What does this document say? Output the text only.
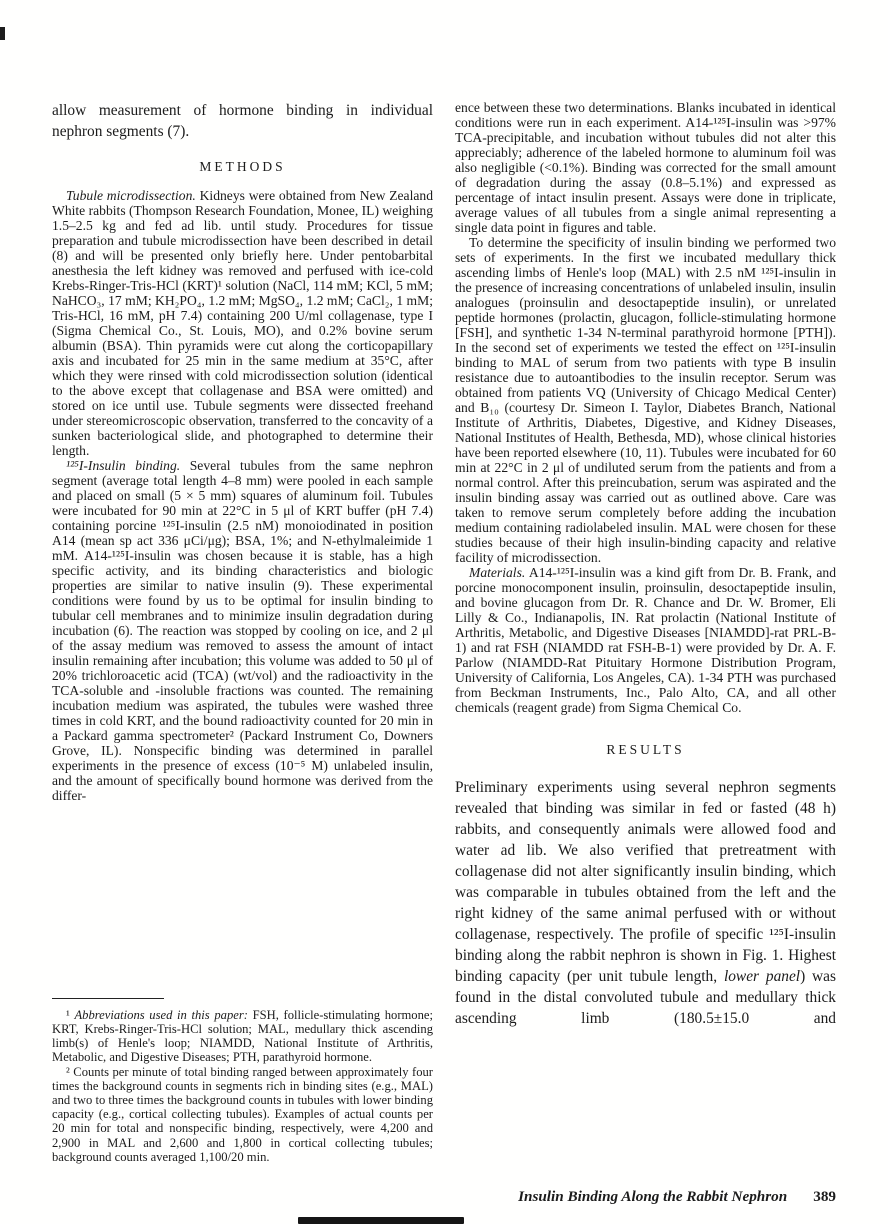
allow measurement of hormone binding in individual nephron segments (7).

METHODS

Tubule microdissection. Kidneys were obtained from New Zealand White rabbits (Thompson Research Foundation, Monee, IL) weighing 1.5–2.5 kg and fed ad lib. until study. Procedures for tissue preparation and tubule microdissection have been described in detail (8) and will be presented only briefly here. Under pentobarbital anesthesia the left kidney was removed and perfused with ice-cold Krebs-Ringer-Tris-HCl (KRT)¹ solution (NaCl, 114 mM; KCl, 5 mM; NaHCO₃, 17 mM; KH₂PO₄, 1.2 mM; MgSO₄, 1.2 mM; CaCl₂, 1 mM; Tris-HCl, 16 mM, pH 7.4) containing 200 U/ml collagenase, type I (Sigma Chemical Co., St. Louis, MO), and 0.2% bovine serum albumin (BSA). Thin pyramids were cut along the corticopapillary axis and incubated for 25 min in the same medium at 35°C, after which they were rinsed with cold microdissection solution (identical to the above except that collagenase and BSA were omitted) and stored on ice until use. Tubule segments were dissected freehand under stereomicroscopic observation, transferred to the concavity of a sunken bacteriological slide, and photographed to determine their length.

¹²⁵I-Insulin binding. Several tubules from the same nephron segment (average total length 4–8 mm) were pooled in each sample and placed on small (5 × 5 mm) squares of aluminum foil. Tubules were incubated for 90 min at 22°C in 5 μl of KRT buffer (pH 7.4) containing porcine ¹²⁵I-insulin (2.5 nM) monoiodinated in position A14 (mean sp act 336 μCi/μg); BSA, 1%; and N-ethylmaleimide 1 mM. A14-¹²⁵I-insulin was chosen because it is stable, has a high specific activity, and its binding characteristics and biologic properties are similar to native insulin (9). These experimental conditions were found by us to be optimal for insulin binding to tubular cell membranes and to minimize insulin degradation during incubation (6). The reaction was stopped by cooling on ice, and 2 μl of the assay medium was removed to assess the amount of intact insulin remaining after incubation; this volume was added to 50 μl of 20% trichloroacetic acid (TCA) (wt/vol) and the radioactivity in the TCA-soluble and -insoluble fractions was counted. The remaining incubation medium was aspirated, the tubules were washed three times in cold KRT, and the bound radioactivity counted for 20 min in a Packard gamma spectrometer² (Packard Instrument Co, Downers Grove, IL). Nonspecific binding was determined in parallel experiments in the presence of excess (10⁻⁵ M) unlabeled insulin, and the amount of specifically bound hormone was derived from the differ-

¹ Abbreviations used in this paper: FSH, follicle-stimulating hormone; KRT, Krebs-Ringer-Tris-HCl solution; MAL, medullary thick ascending limb(s) of Henle's loop; NIAMDD, National Institute of Arthritis, Metabolic, and Digestive Diseases; PTH, parathyroid hormone.

² Counts per minute of total binding ranged between approximately four times the background counts in segments rich in binding sites (e.g., MAL) and two to three times the background counts in tubules with lower binding capacity (e.g., cortical collecting tubules). Examples of actual counts per 20 min for total and nonspecific binding, respectively, were 4,200 and 2,900 in MAL and 2,600 and 1,800 in cortical collecting tubules; background counts averaged 1,100/20 min.

ence between these two determinations. Blanks incubated in identical conditions were run in each experiment. A14-¹²⁵I-insulin was >97% TCA-precipitable, and incubation without tubules did not alter this appreciably; adherence of the labeled hormone to aluminum foil was also negligible (<0.1%). Binding was corrected for the small amount of degradation during the assay (0.8–5.1%) and expressed as percentage of intact insulin present. Assays were done in triplicate, average values of all tubules from a single animal representing a single data point in figures and table.

To determine the specificity of insulin binding we performed two sets of experiments. In the first we incubated medullary thick ascending limbs of Henle's loop (MAL) with 2.5 nM ¹²⁵I-insulin in the presence of increasing concentrations of unlabeled insulin, insulin analogues (proinsulin and desoctapeptide insulin), or unrelated peptide hormones (prolactin, glucagon, follicle-stimulating hormone [FSH], and synthetic 1-34 N-terminal parathyroid hormone [PTH]). In the second set of experiments we tested the effect on ¹²⁵I-insulin binding to MAL of serum from two patients with type B insulin resistance due to autoantibodies to the insulin receptor. Serum was obtained from patients VQ (University of Chicago Medical Center) and B₁₀ (courtesy Dr. Simeon I. Taylor, Diabetes Branch, National Institute of Arthritis, Diabetes, Digestive, and Kidney Diseases, National Institutes of Health, Bethesda, MD), whose clinical histories have been reported elsewhere (10, 11). Tubules were incubated for 60 min at 22°C in 2 μl of undiluted serum from the patients and from a normal control. After this preincubation, serum was aspirated and the insulin binding assay was carried out as outlined above. Care was taken to remove serum completely before adding the incubation medium containing radiolabeled insulin. MAL were chosen for these studies because of their high insulin-binding capacity and relative facility of microdissection.

Materials. A14-¹²⁵I-insulin was a kind gift from Dr. B. Frank, and porcine monocomponent insulin, proinsulin, desoctapeptide insulin, and bovine glucagon from Dr. R. Chance and Dr. W. Bromer, Eli Lilly & Co., Indianapolis, IN. Rat prolactin (National Institute of Arthritis, Metabolic, and Digestive Diseases [NIAMDD]-rat PRL-B-1) and rat FSH (NIAMDD rat FSH-B-1) were provided by Dr. A. F. Parlow (NIAMDD-Rat Pituitary Hormone Distribution Program, University of California, Los Angeles, CA). 1-34 PTH was purchased from Beckman Instruments, Inc., Palo Alto, CA, and all other chemicals (reagent grade) from Sigma Chemical Co.

RESULTS

Preliminary experiments using several nephron segments revealed that binding was similar in fed or fasted (48 h) rabbits, and consequently animals were allowed food and water ad lib. We also verified that pretreatment with collagenase did not alter significantly insulin binding, which was comparable in tubules obtained from the left and the right kidney of the same animal perfused with or without collagenase, respectively. The profile of specific ¹²⁵I-insulin binding along the rabbit nephron is shown in Fig. 1. Highest binding capacity (per unit tubule length, lower panel) was found in the distal convoluted tubule and medullary thick ascending limb (180.5±15.0 and

Insulin Binding Along the Rabbit Nephron 389
